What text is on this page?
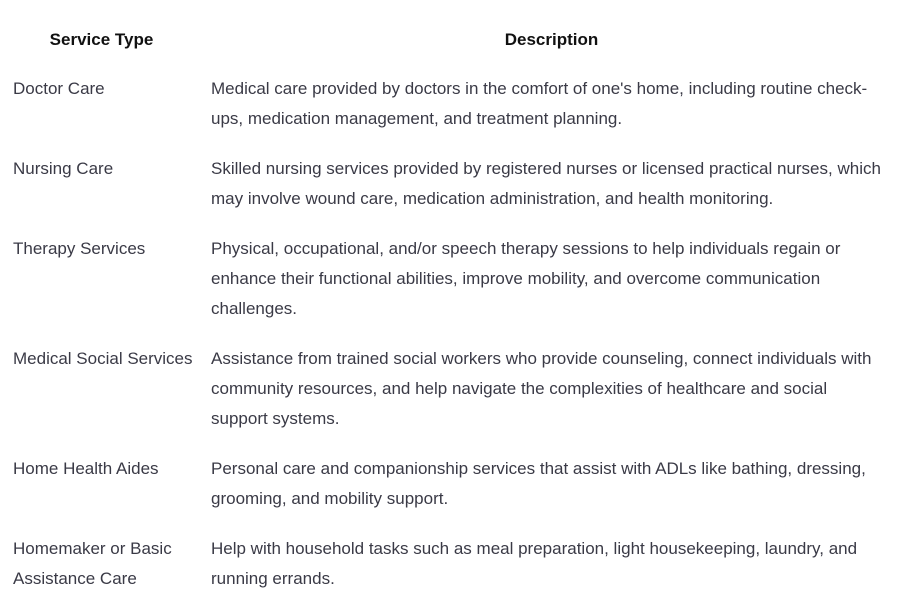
Service Type	Description
Doctor Care	Medical care provided by doctors in the comfort of one's home, including routine check-ups, medication management, and treatment planning.
Nursing Care	Skilled nursing services provided by registered nurses or licensed practical nurses, which may involve wound care, medication administration, and health monitoring.
Therapy Services	Physical, occupational, and/or speech therapy sessions to help individuals regain or enhance their functional abilities, improve mobility, and overcome communication challenges.
Medical Social Services	Assistance from trained social workers who provide counseling, connect individuals with community resources, and help navigate the complexities of healthcare and social support systems.
Home Health Aides	Personal care and companionship services that assist with ADLs like bathing, dressing, grooming, and mobility support.
Homemaker or Basic Assistance Care	Help with household tasks such as meal preparation, light housekeeping, laundry, and running errands.
